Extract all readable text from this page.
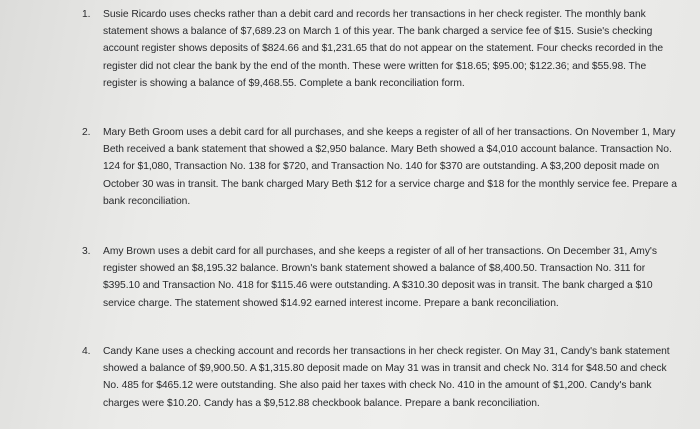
1. Susie Ricardo uses checks rather than a debit card and records her transactions in her check register. The monthly bank statement shows a balance of $7,689.23 on March 1 of this year. The bank charged a service fee of $15. Susie's checking account register shows deposits of $824.66 and $1,231.65 that do not appear on the statement. Four checks recorded in the register did not clear the bank by the end of the month. These were written for $18.65; $95.00; $122.36; and $55.98. The register is showing a balance of $9,468.55. Complete a bank reconciliation form.
2. Mary Beth Groom uses a debit card for all purchases, and she keeps a register of all of her transactions. On November 1, Mary Beth received a bank statement that showed a $2,950 balance. Mary Beth showed a $4,010 account balance. Transaction No. 124 for $1,080, Transaction No. 138 for $720, and Transaction No. 140 for $370 are outstanding. A $3,200 deposit made on October 30 was in transit. The bank charged Mary Beth $12 for a service charge and $18 for the monthly service fee. Prepare a bank reconciliation.
3. Amy Brown uses a debit card for all purchases, and she keeps a register of all of her transactions. On December 31, Amy's register showed an $8,195.32 balance. Brown's bank statement showed a balance of $8,400.50. Transaction No. 311 for $395.10 and Transaction No. 418 for $115.46 were outstanding. A $310.30 deposit was in transit. The bank charged a $10 service charge. The statement showed $14.92 earned interest income. Prepare a bank reconciliation.
4. Candy Kane uses a checking account and records her transactions in her check register. On May 31, Candy's bank statement showed a balance of $9,900.50. A $1,315.80 deposit made on May 31 was in transit and check No. 314 for $48.50 and check No. 485 for $465.12 were outstanding. She also paid her taxes with check No. 410 in the amount of $1,200. Candy's bank charges were $10.20. Candy has a $9,512.88 checkbook balance. Prepare a bank reconciliation.
